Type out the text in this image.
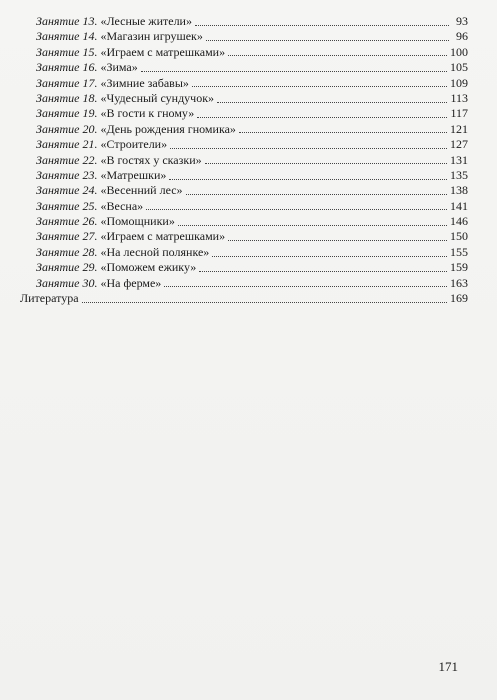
Занятие 13. «Лесные жители»	93
Занятие 14. «Магазин игрушек»	96
Занятие 15. «Играем с матрешками»	100
Занятие 16. «Зима»	105
Занятие 17. «Зимние забавы»	109
Занятие 18. «Чудесный сундучок»	113
Занятие 19. «В гости к гному»	117
Занятие 20. «День рождения гномика»	121
Занятие 21. «Строители»	127
Занятие 22. «В гостях у сказки»	131
Занятие 23. «Матрешки»	135
Занятие 24. «Весенний лес»	138
Занятие 25. «Весна»	141
Занятие 26. «Помощники»	146
Занятие 27. «Играем с матрешками»	150
Занятие 28. «На лесной полянке»	155
Занятие 29. «Поможем ежику»	159
Занятие 30. «На ферме»	163
Литература	169
171
